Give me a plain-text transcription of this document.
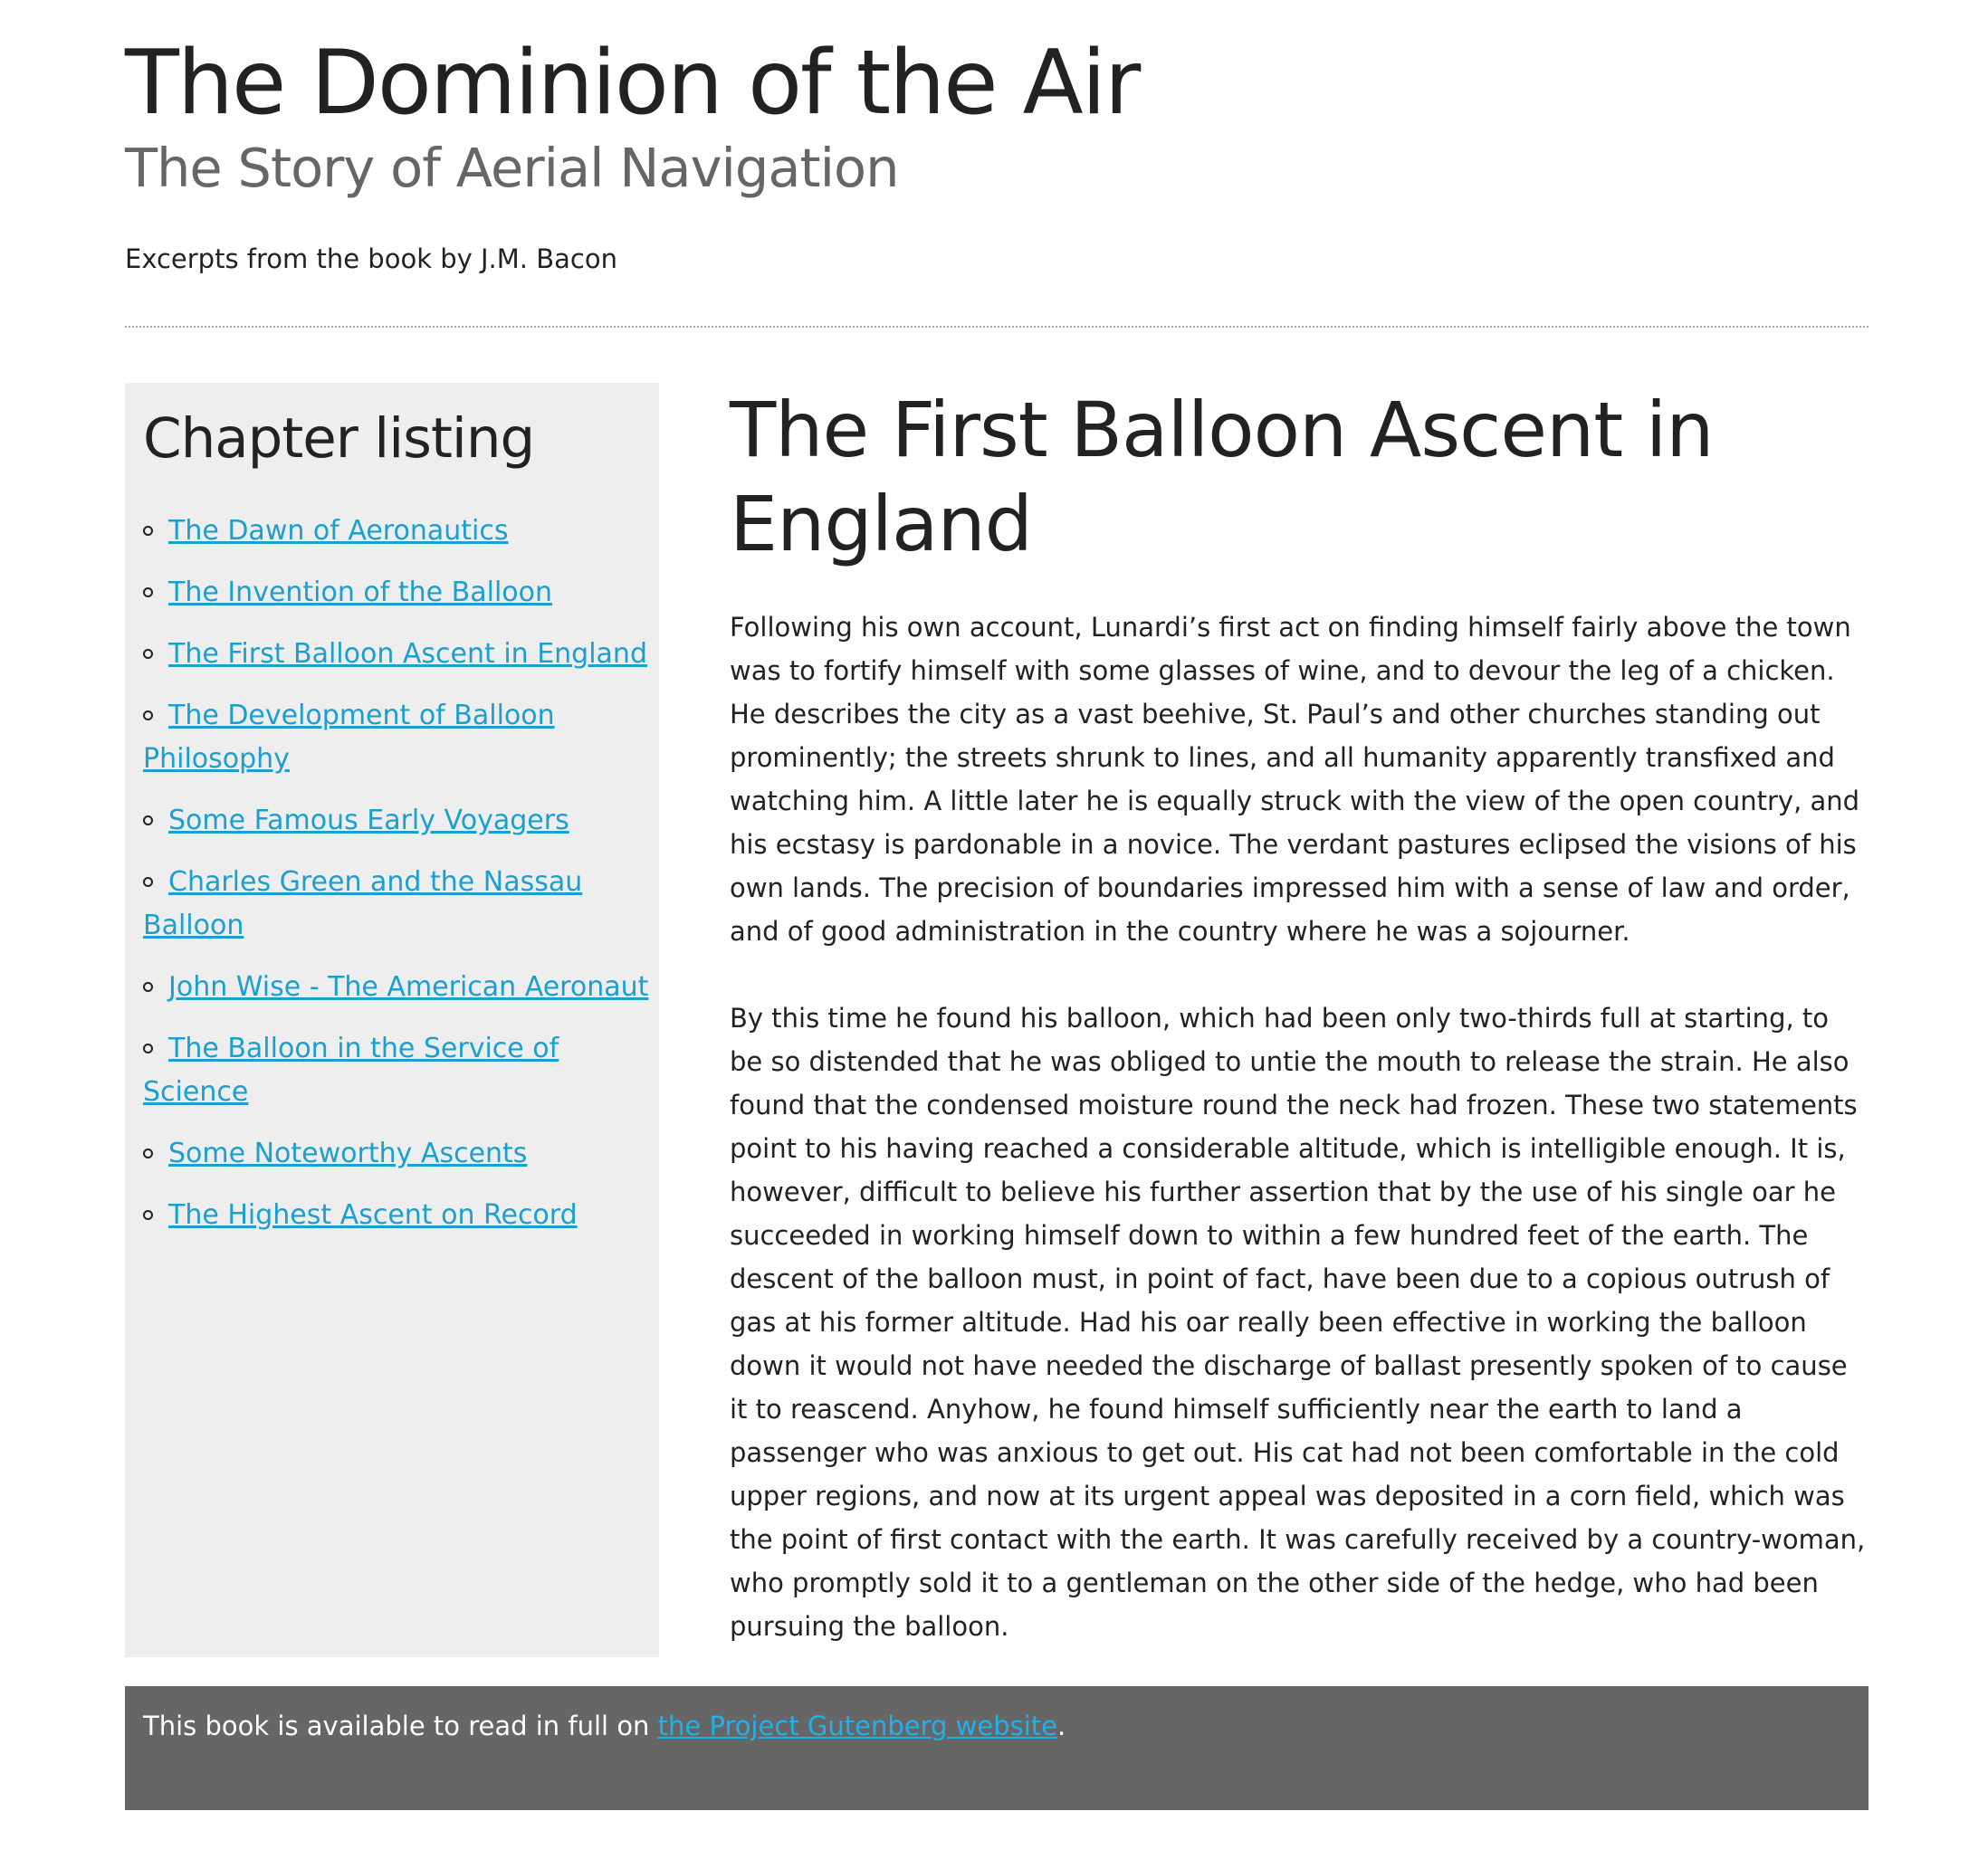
The Dominion of the Air
The Story of Aerial Navigation

Excerpts from the book by J.M. Bacon

Chapter listing
The Dawn of Aeronautics
The Invention of the Balloon
The First Balloon Ascent in England
The Development of Balloon Philosophy
Some Famous Early Voyagers
Charles Green and the Nassau Balloon
John Wise - The American Aeronaut
The Balloon in the Service of Science
Some Noteworthy Ascents
The Highest Ascent on Record
The First Balloon Ascent in England

Following his own account, Lunardi’s first act on finding himself fairly above the town was to fortify himself with some glasses of wine, and to devour the leg of a chicken. He describes the city as a vast beehive, St. Paul’s and other churches standing out prominently; the streets shrunk to lines, and all humanity apparently transfixed and watching him. A little later he is equally struck with the view of the open country, and his ecstasy is pardonable in a novice. The verdant pastures eclipsed the visions of his own lands. The precision of boundaries impressed him with a sense of law and order, and of good administration in the country where he was a sojourner.

By this time he found his balloon, which had been only two-thirds full at starting, to be so distended that he was obliged to untie the mouth to release the strain. He also found that the condensed moisture round the neck had frozen. These two statements point to his having reached a considerable altitude, which is intelligible enough. It is, however, difficult to believe his further assertion that by the use of his single oar he succeeded in working himself down to within a few hundred feet of the earth. The descent of the balloon must, in point of fact, have been due to a copious outrush of gas at his former altitude. Had his oar really been effective in working the balloon down it would not have needed the discharge of ballast presently spoken of to cause it to reascend. Anyhow, he found himself sufficiently near the earth to land a passenger who was anxious to get out. His cat had not been comfortable in the cold upper regions, and now at its urgent appeal was deposited in a corn field, which was the point of first contact with the earth. It was carefully received by a country-woman, who promptly sold it to a gentleman on the other side of the hedge, who had been pursuing the balloon.

This book is available to read in full on the Project Gutenberg website.
